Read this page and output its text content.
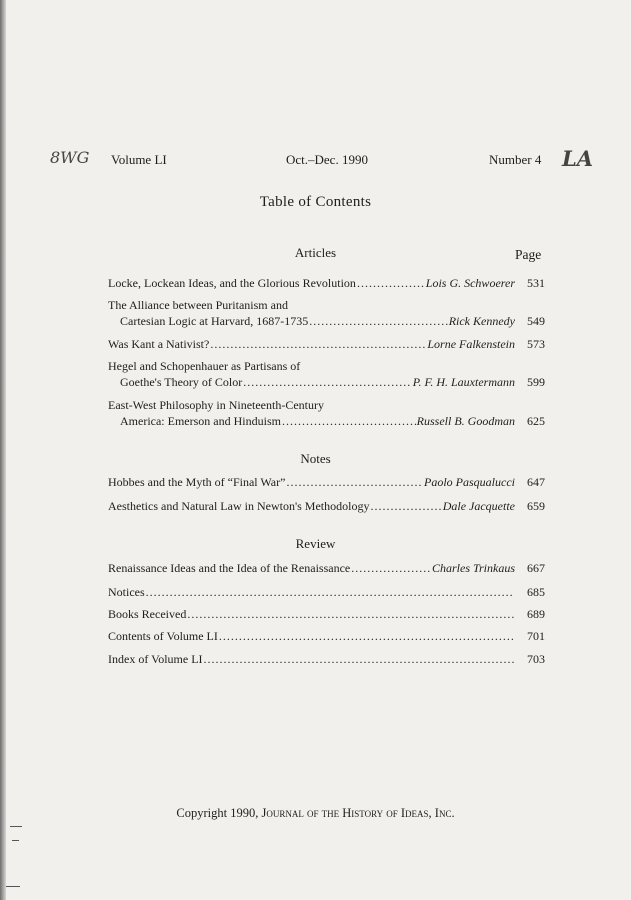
8WG	LA
Volume LI	Oct.–Dec. 1990	Number 4
Table of Contents
Articles	Page
Locke, Lockean Ideas, and the Glorious Revolution . . .	Lois G. Schwoerer	531
The Alliance between Puritanism and
Cartesian Logic at Harvard, 1687-1735 . . .	Rick Kennedy	549
Was Kant a Nativist? . . .	Lorne Falkenstein	573
Hegel and Schopenhauer as Partisans of
Goethe's Theory of Color . . .	P. F. H. Lauxtermann	599
East-West Philosophy in Nineteenth-Century
America: Emerson and Hinduism . . .	Russell B. Goodman	625
Notes
Hobbes and the Myth of “Final War” . . .	Paolo Pasqualucci	647
Aesthetics and Natural Law in Newton's Methodology . . .	Dale Jacquette	659
Review
Renaissance Ideas and the Idea of the Renaissance . . .	Charles Trinkaus	667
Notices . . .	685
Books Received . . .	689
Contents of Volume LI . . .	701
Index of Volume LI . . .	703
Copyright 1990, Journal of the History of Ideas, Inc.
